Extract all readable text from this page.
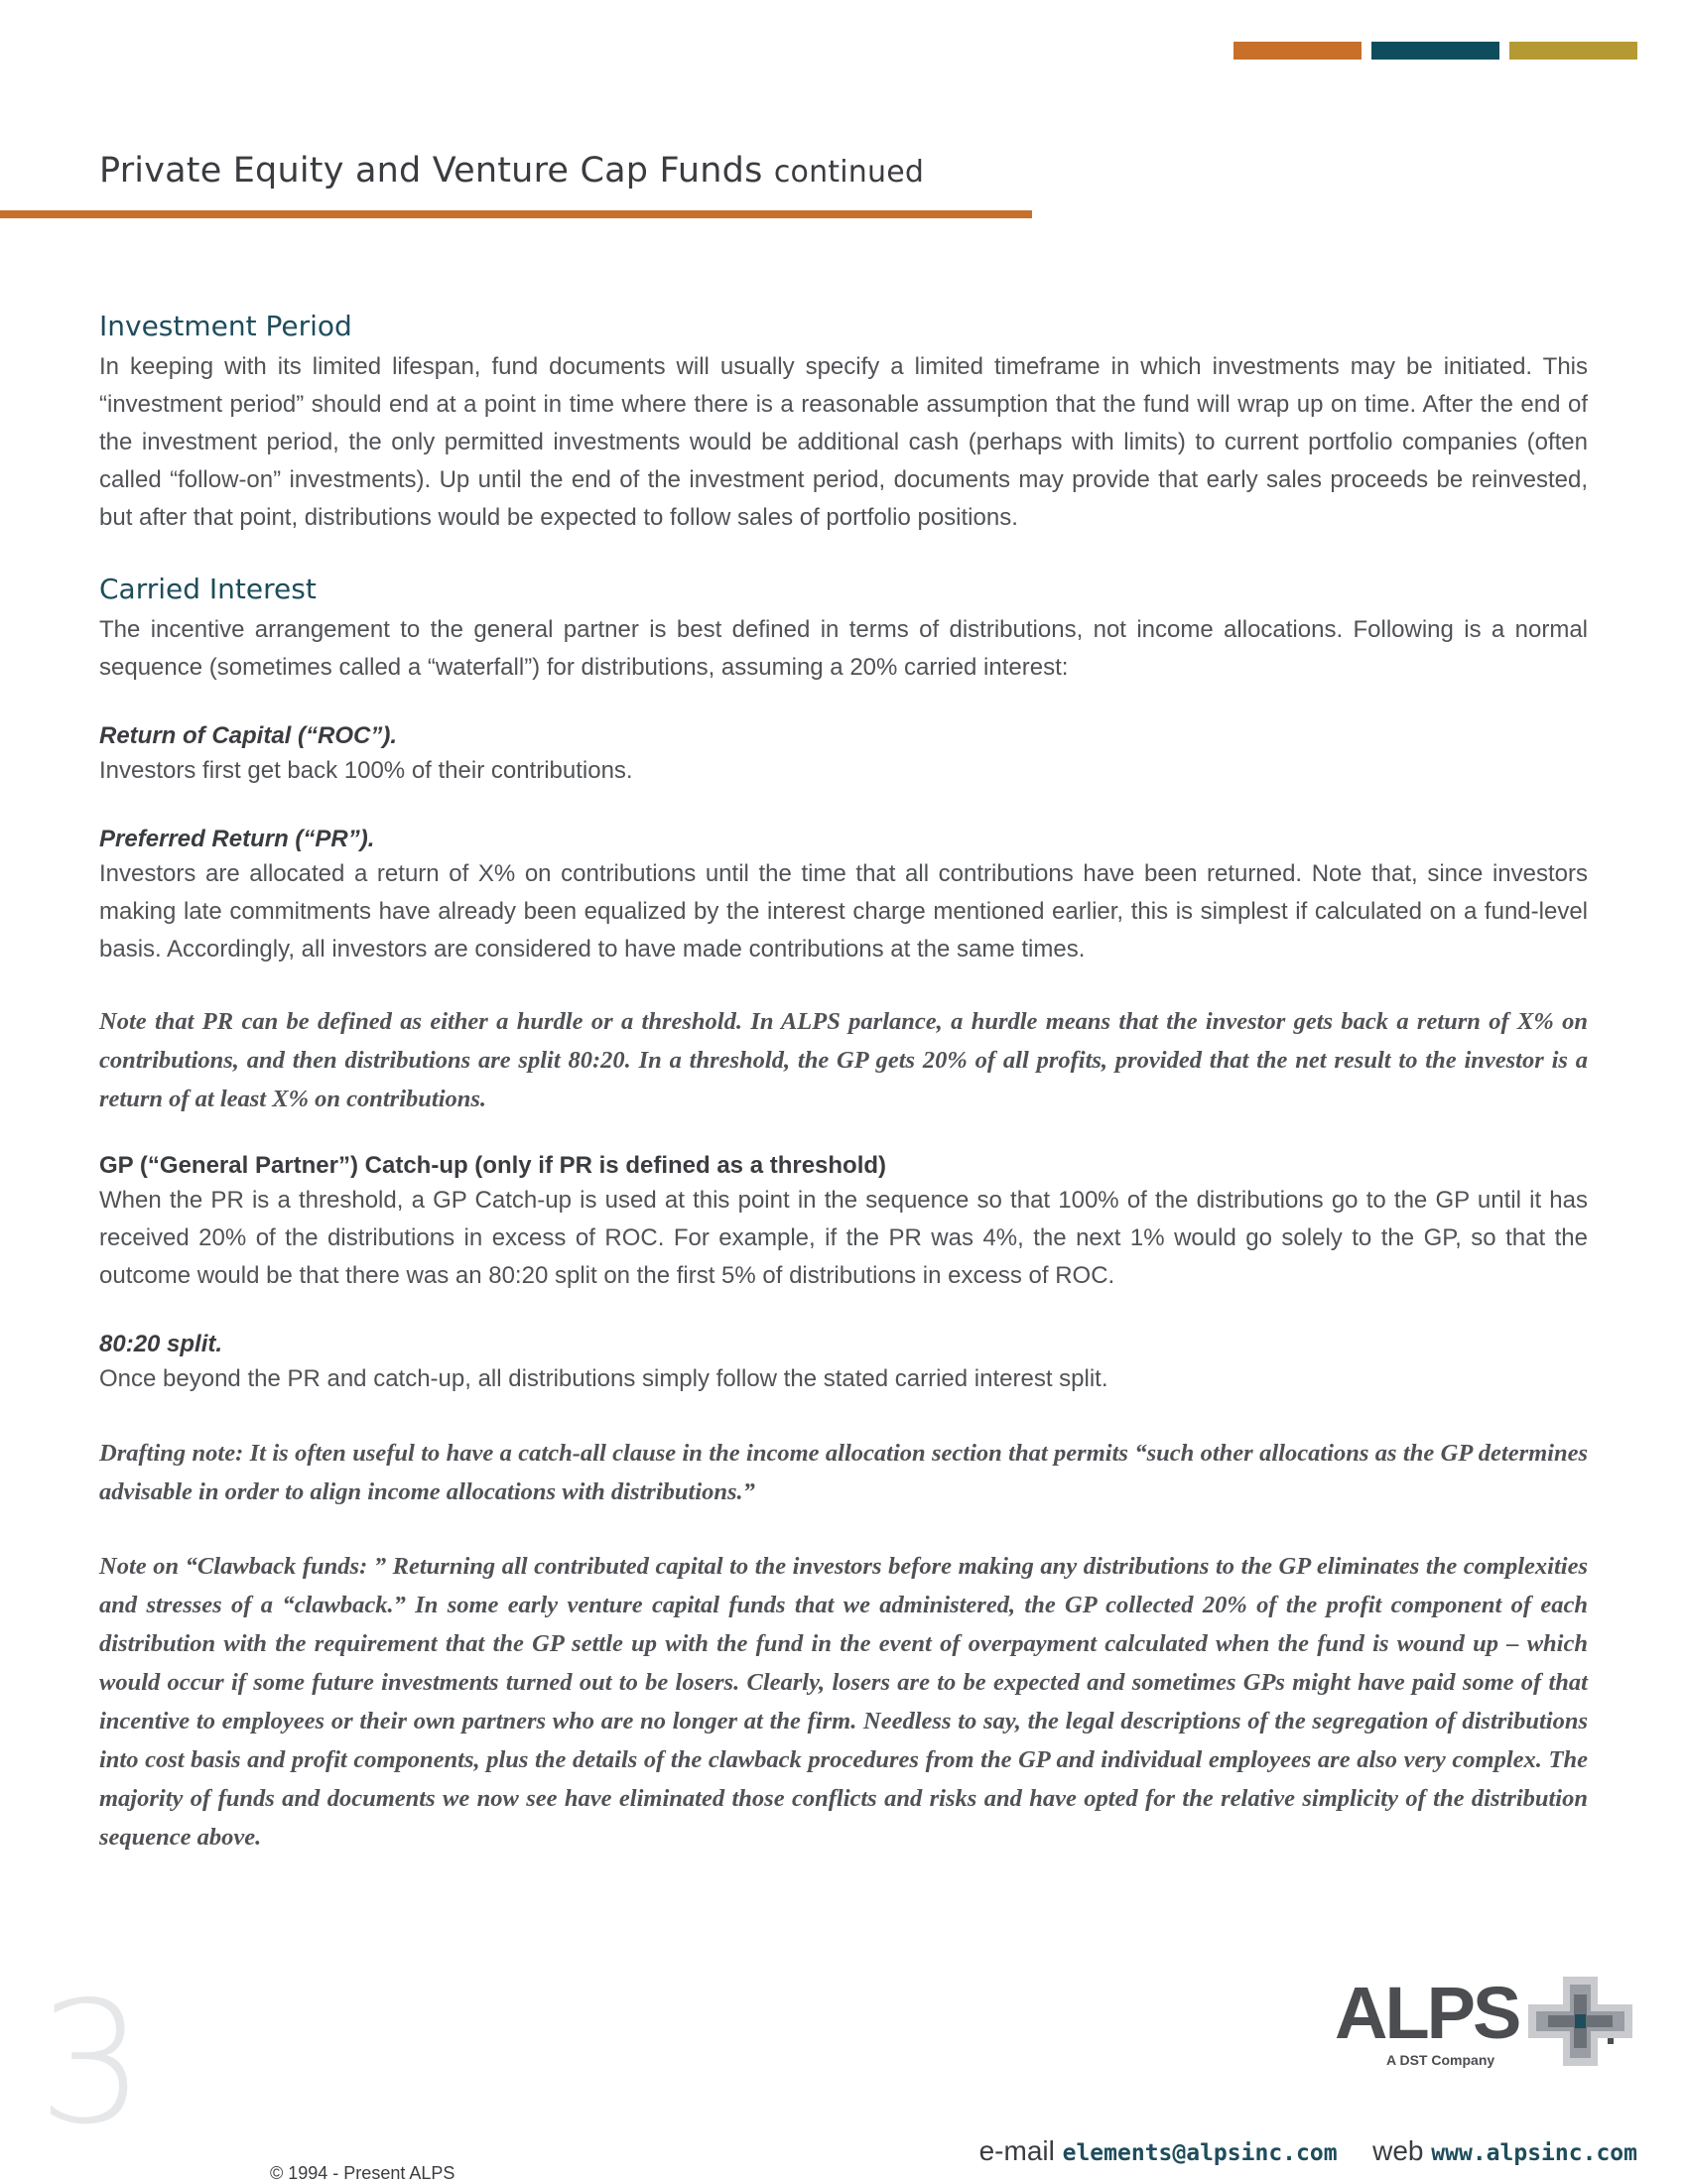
Private Equity and Venture Cap Funds continued
Investment Period

In keeping with its limited lifespan, fund documents will usually specify a limited timeframe in which investments may be initiated. This “investment period” should end at a point in time where there is a reasonable assumption that the fund will wrap up on time. After the end of the investment period, the only permitted investments would be additional cash (perhaps with limits) to current portfolio companies (often called “follow-on” investments). Up until the end of the investment period, documents may provide that early sales proceeds be reinvested, but after that point, distributions would be expected to follow sales of portfolio positions.

Carried Interest

The incentive arrangement to the general partner is best defined in terms of distributions, not income allocations. Following is a normal sequence (sometimes called a “waterfall”) for distributions, assuming a 20% carried interest:

Return of Capital (“ROC”).

Investors first get back 100% of their contributions.

Preferred Return (“PR”).

Investors are allocated a return of X% on contributions until the time that all contributions have been returned. Note that, since investors making late commitments have already been equalized by the interest charge mentioned earlier, this is simplest if calculated on a fund-level basis. Accordingly, all investors are considered to have made contributions at the same times.

Note that PR can be defined as either a hurdle or a threshold. In ALPS parlance, a hurdle means that the investor gets back a return of X% on contributions, and then distributions are split 80:20. In a threshold, the GP gets 20% of all profits, provided that the net result to the investor is a return of at least X% on contributions.

GP (“General Partner”) Catch-up (only if PR is defined as a threshold)

When the PR is a threshold, a GP Catch-up is used at this point in the sequence so that 100% of the distributions go to the GP until it has received 20% of the distributions in excess of ROC. For example, if the PR was 4%, the next 1% would go solely to the GP, so that the outcome would be that there was an 80:20 split on the first 5% of distributions in excess of ROC.

80:20 split.

Once beyond the PR and catch-up, all distributions simply follow the stated carried interest split.

Drafting note: It is often useful to have a catch-all clause in the income allocation section that permits “such other allocations as the GP determines advisable in order to align income allocations with distributions.”

Note on “Clawback funds: ” Returning all contributed capital to the investors before making any distributions to the GP eliminates the complexities and stresses of a “clawback.” In some early venture capital funds that we administered, the GP collected 20% of the profit component of each distribution with the requirement that the GP settle up with the fund in the event of overpayment calculated when the fund is wound up – which would occur if some future investments turned out to be losers. Clearly, losers are to be expected and sometimes GPs might have paid some of that incentive to employees or their own partners who are no longer at the firm. Needless to say, the legal descriptions of the segregation of distributions into cost basis and profit components, plus the details of the clawback procedures from the GP and individual employees are also very complex. The majority of funds and documents we now see have eliminated those conflicts and risks and have opted for the relative simplicity of the distribution sequence above.

3
© 1994 - Present ALPS
ALPS
A DST Company
e-mail elements@alpsinc.com web www.alpsinc.com
